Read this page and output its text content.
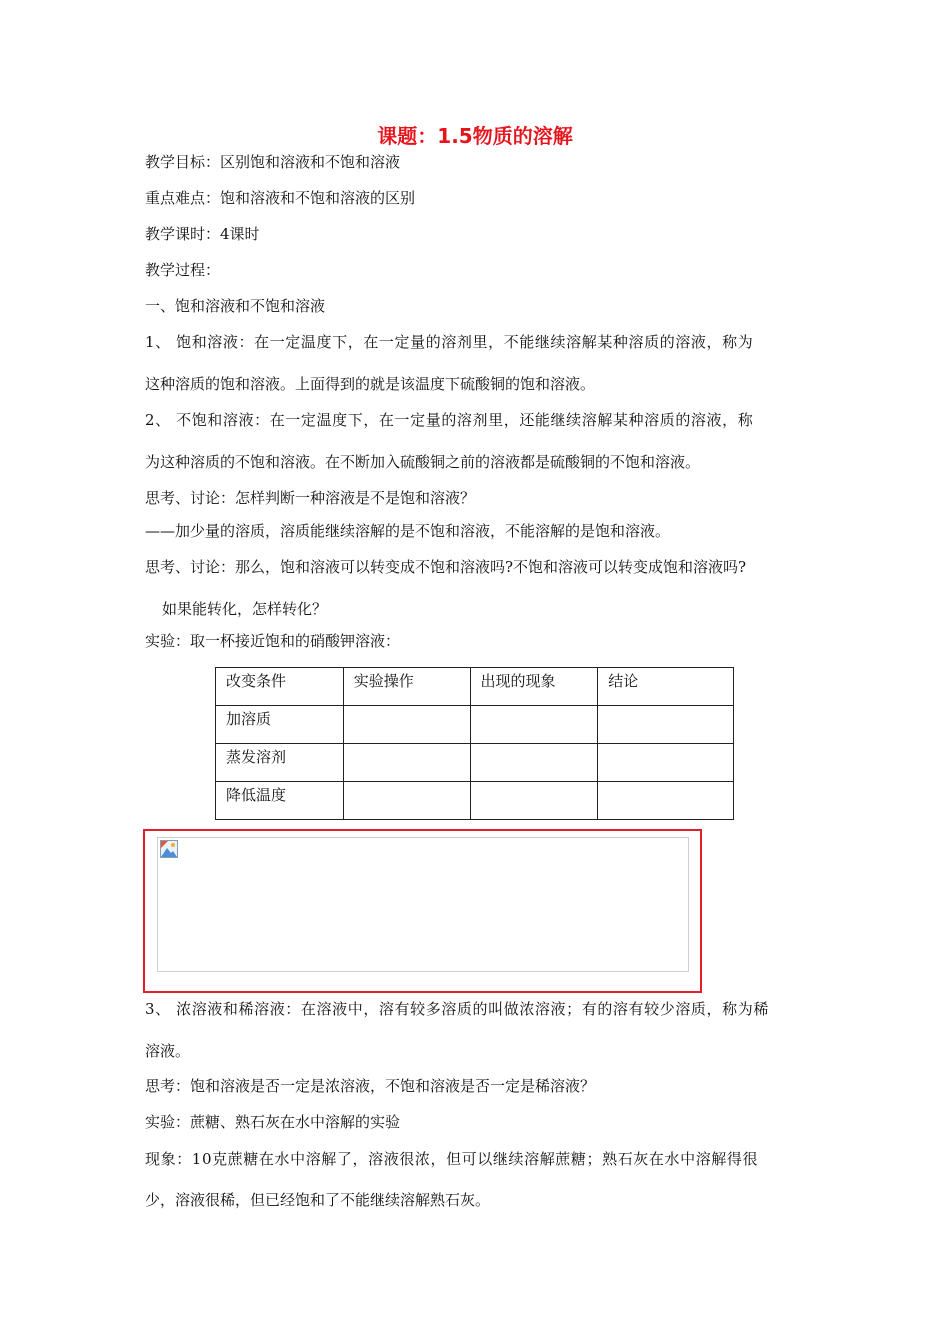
课题：1.5物质的溶解
教学目标：区别饱和溶液和不饱和溶液
重点难点：饱和溶液和不饱和溶液的区别
教学课时：4课时
教学过程：
一、饱和溶液和不饱和溶液
1、 饱和溶液：在一定温度下，在一定量的溶剂里，不能继续溶解某种溶质的溶液，称为
这种溶质的饱和溶液。上面得到的就是该温度下硫酸铜的饱和溶液。
2、 不饱和溶液：在一定温度下，在一定量的溶剂里，还能继续溶解某种溶质的溶液，称
为这种溶质的不饱和溶液。在不断加入硫酸铜之前的溶液都是硫酸铜的不饱和溶液。
思考、讨论：怎样判断一种溶液是不是饱和溶液？
——加少量的溶质，溶质能继续溶解的是不饱和溶液，不能溶解的是饱和溶液。
思考、讨论：那么，饱和溶液可以转变成不饱和溶液吗?不饱和溶液可以转变成饱和溶液吗?
如果能转化，怎样转化？
实验：取一杯接近饱和的硝酸钾溶液：
改变条件	实验操作	出现的现象	结论
加溶质			
蒸发溶剂			
降低温度			
3、 浓溶液和稀溶液：在溶液中，溶有较多溶质的叫做浓溶液；有的溶有较少溶质，称为稀
溶液。
思考：饱和溶液是否一定是浓溶液，不饱和溶液是否一定是稀溶液？
实验：蔗糖、熟石灰在水中溶解的实验
现象：10克蔗糖在水中溶解了，溶液很浓，但可以继续溶解蔗糖；熟石灰在水中溶解得很
少，溶液很稀，但已经饱和了不能继续溶解熟石灰。
